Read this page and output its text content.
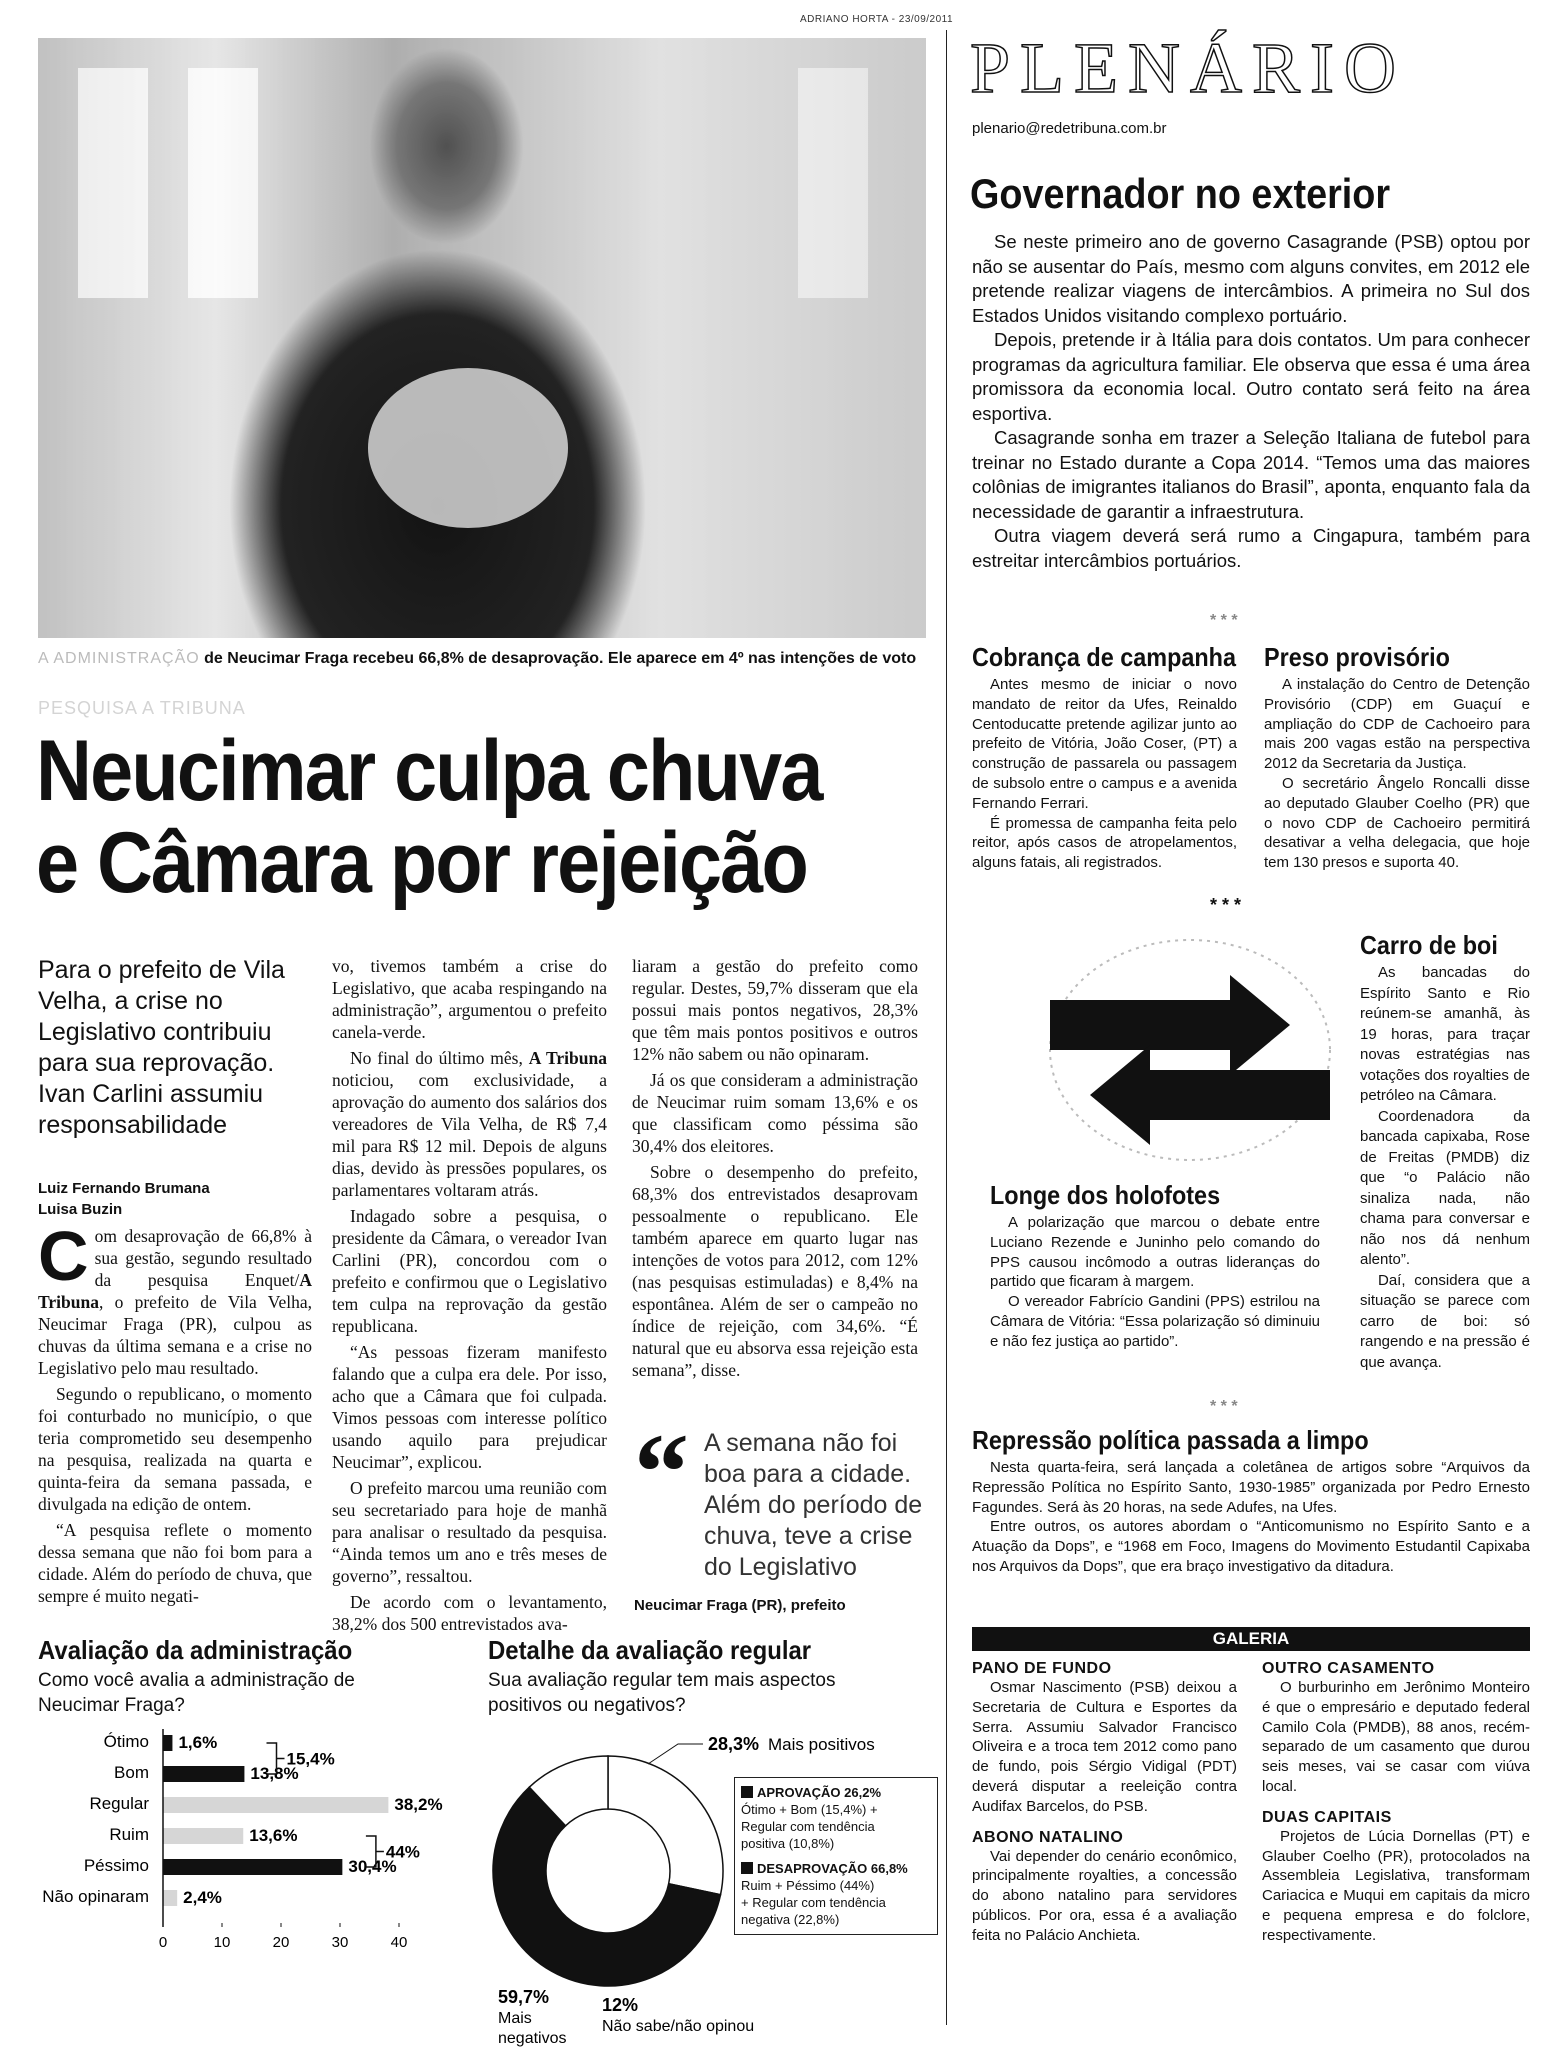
ADRIANO HORTA - 23/09/2011
A ADMINISTRAÇÃO de Neucimar Fraga recebeu 66,8% de desaprovação. Ele aparece em 4º nas intenções de voto
PESQUISA A TRIBUNA
Neucimar culpa chuva
e Câmara por rejeição
Para o prefeito de Vila Velha, a crise no Legislativo contribuiu para sua reprovação. Ivan Carlini assumiu responsabilidade
Luiz Fernando Brumana
Luisa Buzin

C om desaprovação de 66,8% à sua gestão, segundo resultado da pesquisa Enquet/A Tribuna, o prefeito de Vila Velha, Neucimar Fraga (PR), culpou as chuvas da última semana e a crise no Legislativo pelo mau resultado.

Segundo o republicano, o momento foi conturbado no município, o que teria comprometido seu desempenho na pesquisa, realizada na quarta e quinta-feira da semana passada, e divulgada na edição de ontem.

“A pesquisa reflete o momento dessa semana que não foi bom para a cidade. Além do período de chuva, que sempre é muito negati-

vo, tivemos também a crise do Legislativo, que acaba respingando na administração”, argumentou o prefeito canela-verde.

No final do último mês, A Tribuna noticiou, com exclusividade, a aprovação do aumento dos salários dos vereadores de Vila Velha, de R$ 7,4 mil para R$ 12 mil. Depois de alguns dias, devido às pressões populares, os parlamentares voltaram atrás.

Indagado sobre a pesquisa, o presidente da Câmara, o vereador Ivan Carlini (PR), concordou com o prefeito e confirmou que o Legislativo tem culpa na reprovação da gestão republicana.

“As pessoas fizeram manifesto falando que a culpa era dele. Por isso, acho que a Câmara que foi culpada. Vimos pessoas com interesse político usando aquilo para prejudicar Neucimar”, explicou.

O prefeito marcou uma reunião com seu secretariado para hoje de manhã para analisar o resultado da pesquisa. “Ainda temos um ano e três meses de governo”, ressaltou.

De acordo com o levantamento, 38,2% dos 500 entrevistados ava-

liaram a gestão do prefeito como regular. Destes, 59,7% disseram que ela possui mais pontos negativos, 28,3% que têm mais pontos positivos e outros 12% não sabem ou não opinaram.

Já os que consideram a administração de Neucimar ruim somam 13,6% e os que classificam como péssima são 30,4% dos eleitores.

Sobre o desempenho do prefeito, 68,3% dos entrevistados desaprovam pessoalmente o republicano. Ele também aparece em quarto lugar nas intenções de votos para 2012, com 12% (nas pesquisas estimuladas) e 8,4% na espontânea. Além de ser o campeão no índice de rejeição, com 34,6%. “É natural que eu absorva essa rejeição esta semana”, disse.

“ A semana não foi boa para a cidade. Além do período de chuva, teve a crise do Legislativo
Neucimar Fraga (PR), prefeito
Avaliação da administração
Como você avalia a administração de Neucimar Fraga?
Ótimo 1,6%
Bom	13,8%
Regular	38,2%
Ruim	13,6%
Péssimo	30,4%
Não opinaram 2,4%
15,4%
44%
0	10	20	30	40
Detalhe da avaliação regular
Sua avaliação regular tem mais aspectos positivos ou negativos?
28,3% Mais positivos
59,7%
Mais
negativos
12%
Não sabe/não opinou
APROVAÇÃO 26,2%
Ótimo + Bom (15,4%) +
Regular com tendência
positiva (10,8%)
DESAPROVAÇÃO 66,8%
Ruim + Péssimo (44%)
+ Regular com tendência
negativa (22,8%)
PLENÁRIO
plenario@redetribuna.com.br
Governador no exterior

Se neste primeiro ano de governo Casagrande (PSB) optou por não se ausentar do País, mesmo com alguns convites, em 2012 ele pretende realizar viagens de intercâmbios. A primeira no Sul dos Estados Unidos visitando complexo portuário.

Depois, pretende ir à Itália para dois contatos. Um para conhecer programas da agricultura familiar. Ele observa que essa é uma área promissora da economia local. Outro contato será feito na área esportiva.

Casagrande sonha em trazer a Seleção Italiana de futebol para treinar no Estado durante a Copa 2014. “Temos uma das maiores colônias de imigrantes italianos do Brasil”, aponta, enquanto fala da necessidade de garantir a infraestrutura.

Outra viagem deverá será rumo a Cingapura, também para estreitar intercâmbios portuários.

* * *
Cobrança de campanha

Antes mesmo de iniciar o novo mandato de reitor da Ufes, Reinaldo Centoducatte pretende agilizar junto ao prefeito de Vitória, João Coser, (PT) a construção de passarela ou passagem de subsolo entre o campus e a avenida Fernando Ferrari.

É promessa de campanha feita pelo reitor, após casos de atropelamentos, alguns fatais, ali registrados.

Preso provisório

A instalação do Centro de Detenção Provisório (CDP) em Guaçuí e ampliação do CDP de Cachoeiro para mais 200 vagas estão na perspectiva 2012 da Secretaria da Justiça.

O secretário Ângelo Roncalli disse ao deputado Glauber Coelho (PR) que o novo CDP de Cachoeiro permitirá desativar a velha delegacia, que hoje tem 130 presos e suporta 40.

* * *
Carro de boi

As bancadas do Espírito Santo e Rio reúnem-se amanhã, às 19 horas, para traçar novas estratégias nas votações dos royalties de petróleo na Câmara.

Coordenadora da bancada capixaba, Rose de Freitas (PMDB) diz que “o Palácio não sinaliza nada, não chama para conversar e não nos dá nenhum alento”.

Daí, considera que a situação se parece com carro de boi: só rangendo e na pressão é que avança.

Longe dos holofotes

A polarização que marcou o debate entre Luciano Rezende e Juninho pelo comando do PPS causou incômodo a outras lideranças do partido que ficaram à margem.

O vereador Fabrício Gandini (PPS) estrilou na Câmara de Vitória: “Essa polarização só diminuiu e não fez justiça ao partido”.

* * *
Repressão política passada a limpo

Nesta quarta-feira, será lançada a coletânea de artigos sobre “Arquivos da Repressão Política no Espírito Santo, 1930-1985” organizada por Pedro Ernesto Fagundes. Será às 20 horas, na sede Adufes, na Ufes.

Entre outros, os autores abordam o “Anticomunismo no Espírito Santo e a Atuação da Dops”, e “1968 em Foco, Imagens do Movimento Estudantil Capixaba nos Arquivos da Dops”, que era braço investigativo da ditadura.

GALERIA
PANO DE FUNDO

Osmar Nascimento (PSB) deixou a Secretaria de Cultura e Esportes da Serra. Assumiu Salvador Francisco Oliveira e a troca tem 2012 como pano de fundo, pois Sérgio Vidigal (PDT) deverá disputar a reeleição contra Audifax Barcelos, do PSB.

ABONO NATALINO

Vai depender do cenário econômico, principalmente royalties, a concessão do abono natalino para servidores públicos. Por ora, essa é a avaliação feita no Palácio Anchieta.

OUTRO CASAMENTO

O burburinho em Jerônimo Monteiro é que o empresário e deputado federal Camilo Cola (PMDB), 88 anos, recém-separado de um casamento que durou seis meses, vai se casar com viúva local.

DUAS CAPITAIS

Projetos de Lúcia Dornellas (PT) e Glauber Coelho (PR), protocolados na Assembleia Legislativa, transformam Cariacica e Muqui em capitais da micro e pequena empresa e do folclore, respectivamente.
